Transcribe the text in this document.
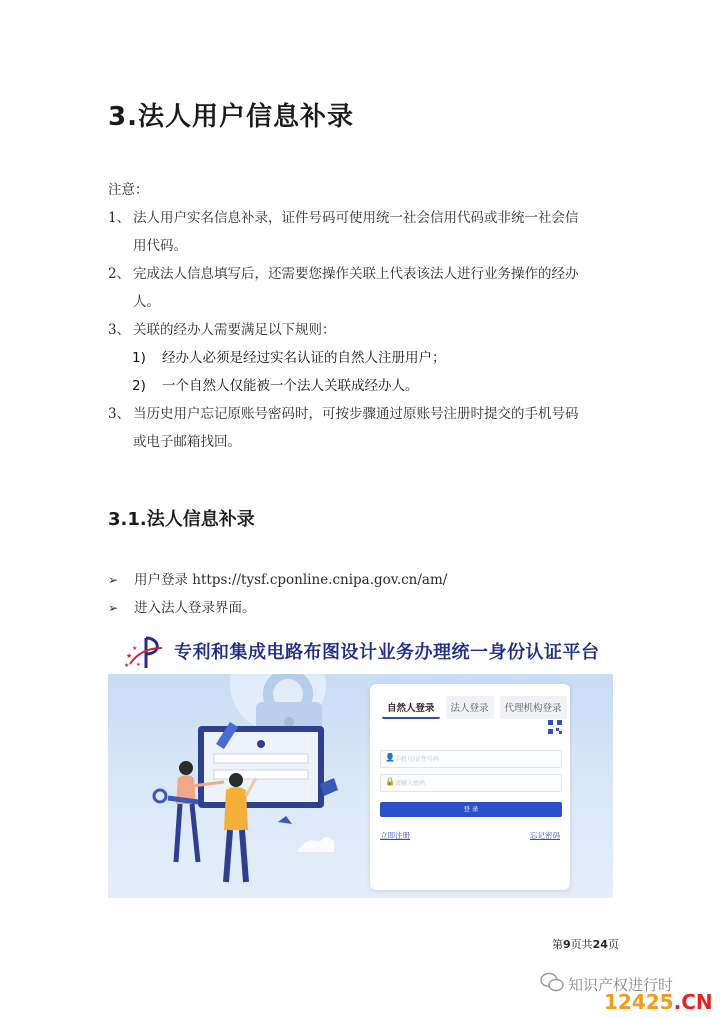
3.法人用户信息补录
注意：
1、 法人用户实名信息补录，证件号码可使用统一社会信用代码或非统一社会信
用代码。
2、 完成法人信息填写后，还需要您操作关联上代表该法人进行业务操作的经办
人。
3、 关联的经办人需要满足以下规则：
1) 经办人必须是经过实名认证的自然人注册用户；
2) 一个自然人仅能被一个法人关联成经办人。
3、 当历史用户忘记原账号密码时，可按步骤通过原账号注册时提交的手机号码
或电子邮箱找回。
3.1.法人信息补录
➢ 用户登录 https://tysf.cponline.cnipa.gov.cn/am/
➢ 进入法人登录界面。
★
★
★ ★
专利和集成电路布图设计业务办理统一身份认证平台
自然人登录	法人登录	代理机构登录
👤 手机号/证件号码
🔒 请输入密码
登 录
立即注册	忘记密码
第9页共24页
知识产权进行时
12425.CN
